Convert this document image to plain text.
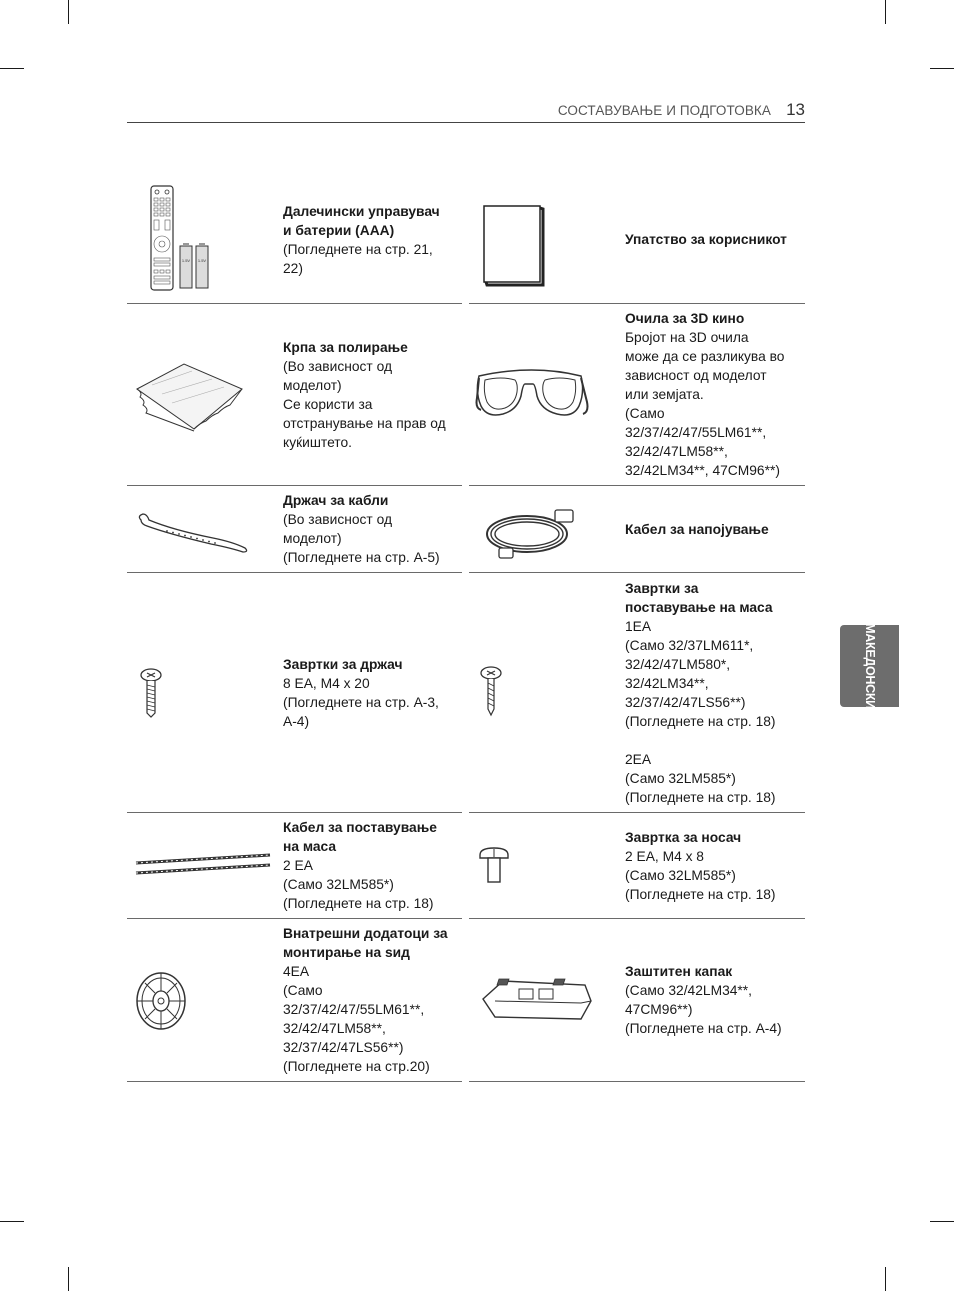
СОСТАВУВАЊЕ И ПОДГОТОВКА 13
МАКЕДОНСКИ
1.5V 1.5V
Далечински управувач
и батерии (AAA)
(Погледнете на стр. 21,
22)
Упатство за корисникот
Крпа за полирање
(Во зависност од
моделот)
Се користи за
отстранување на прав од
куќиштето.
Очила за 3D кино
Бројот на 3D очила
може да се разликува во
зависност од моделот
или земјата.
(Само
32/37/42/47/55LM61**,
32/42/47LM58**,
32/42LM34**, 47CM96**)
Држач за кабли
(Во зависност од
моделот)
(Погледнете на стр. A-5)
Кабел за напојување
Завртки за држач
8 EA, M4 x 20
(Погледнете на стр. A-3,
A-4)
Завртки за
поставување на маса
1EA
(Само 32/37LM611*,
32/42/47LM580*,
32/42LM34**,
32/37/42/47LS56**)
(Погледнете на стр. 18)

2EA
(Само 32LM585*)
(Погледнете на стр. 18)
Кабел за поставување
на маса
2 EA
(Само 32LM585*)
(Погледнете на стр. 18)
Завртка за носач
2 EA, M4 x 8
(Само 32LM585*)
(Погледнете на стр. 18)
Внатрешни додатоци за
монтирање на sид
4EA
(Само
32/37/42/47/55LM61**,
32/42/47LM58**,
32/37/42/47LS56**)
(Погледнете на стр.20)
Заштитен капак
(Само 32/42LM34**,
47CM96**)
(Погледнете на стр. A-4)
